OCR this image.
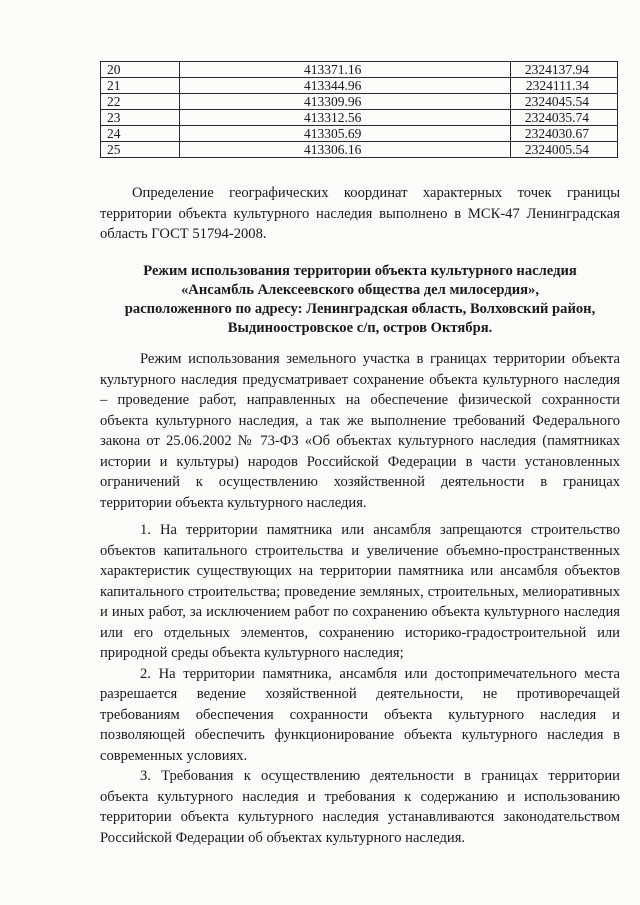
20	413371.16	2324137.94
21	413344.96	2324111.34
22	413309.96	2324045.54
23	413312.56	2324035.74
24	413305.69	2324030.67
25	413306.16	2324005.54
Определение географических координат характерных точек границы территории объекта культурного наследия выполнено в МСК-47 Ленинградская область ГОСТ 51794-2008.
Режим использования территории объекта культурного наследия
«Ансамбль Алексеевского общества дел милосердия»,
расположенного по адресу: Ленинградская область, Волховский район,
Выдиноостровское с/п, остров Октября.
Режим использования земельного участка в границах территории объекта культурного наследия предусматривает сохранение объекта культурного наследия – проведение работ, направленных на обеспечение физической сохранности объекта культурного наследия, а так же выполнение требований Федерального закона от 25.06.2002 № 73-ФЗ «Об объектах культурного наследия (памятниках истории и культуры) народов Российской Федерации в части установленных ограничений к осуществлению хозяйственной деятельности в границах территории объекта культурного наследия.

1. На территории памятника или ансамбля запрещаются строительство объектов капитального строительства и увеличение объемно-пространственных характеристик существующих на территории памятника или ансамбля объектов капитального строительства; проведение земляных, строительных, мелиоративных и иных работ, за исключением работ по сохранению объекта культурного наследия или его отдельных элементов, сохранению историко-градостроительной или природной среды объекта культурного наследия;

2. На территории памятника, ансамбля или достопримечательного места разрешается ведение хозяйственной деятельности, не противоречащей требованиям обеспечения сохранности объекта культурного наследия и позволяющей обеспечить функционирование объекта культурного наследия в современных условиях.

3. Требования к осуществлению деятельности в границах территории объекта культурного наследия и требования к содержанию и использованию территории объекта культурного наследия устанавливаются законодательством Российской Федерации об объектах культурного наследия.
